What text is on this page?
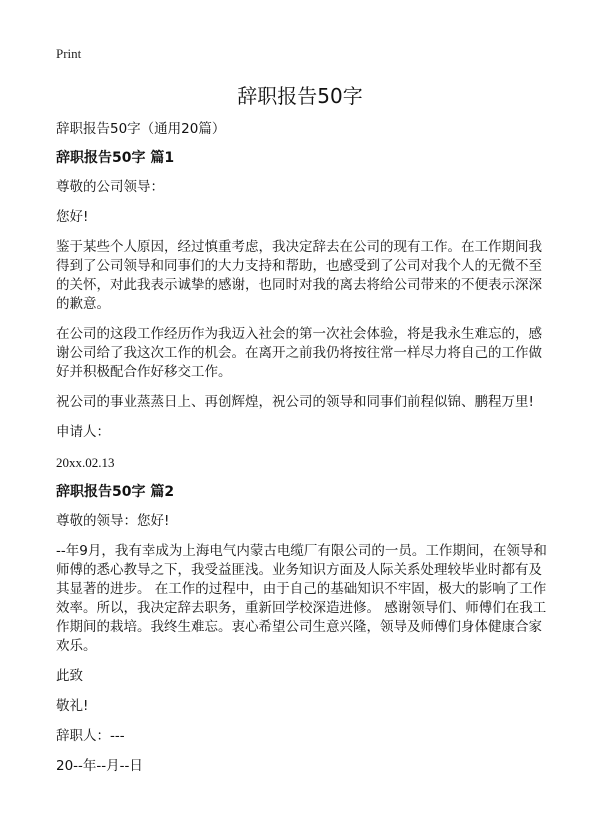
Print
辞职报告50字

辞职报告50字（通用20篇）

辞职报告50字 篇1

尊敬的公司领导：

您好!

鉴于某些个人原因，经过慎重考虑，我决定辞去在公司的现有工作。在工作期间我得到了公司领导和同事们的大力支持和帮助，也感受到了公司对我个人的无微不至的关怀，对此我表示诚挚的感谢，也同时对我的离去将给公司带来的不便表示深深的歉意。

在公司的这段工作经历作为我迈入社会的第一次社会体验，将是我永生难忘的，感谢公司给了我这次工作的机会。在离开之前我仍将按往常一样尽力将自己的工作做好并积极配合作好移交工作。

祝公司的事业蒸蒸日上、再创辉煌，祝公司的领导和同事们前程似锦、鹏程万里!

申请人：

20xx.02.13

辞职报告50字 篇2

尊敬的领导：您好!

--年9月，我有幸成为上海电气内蒙古电缆厂有限公司的一员。工作期间，在领导和师傅的悉心教导之下，我受益匪浅。业务知识方面及人际关系处理较毕业时都有及其显著的进步。 在工作的过程中，由于自己的基础知识不牢固，极大的影响了工作效率。所以，我决定辞去职务，重新回学校深造进修。 感谢领导们、师傅们在我工作期间的栽培。我终生难忘。衷心希望公司生意兴隆，领导及师傅们身体健康合家欢乐。

此致

敬礼!

辞职人：---

20--年--月--日
